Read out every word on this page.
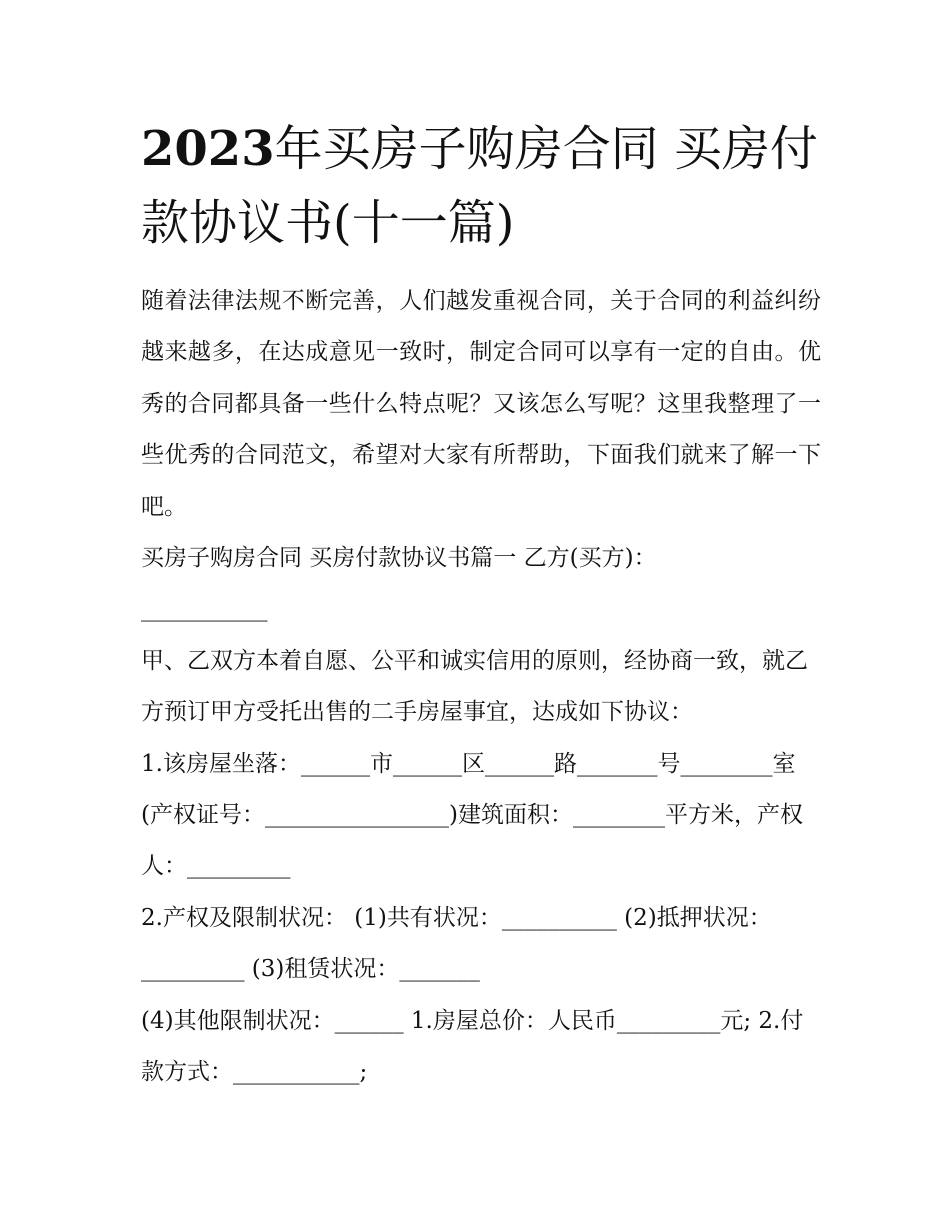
2023年买房子购房合同 买房付款协议书(十一篇)

随着法律法规不断完善，人们越发重视合同，关于合同的利益纠纷越来越多，在达成意见一致时，制定合同可以享有一定的自由。优秀的合同都具备一些什么特点呢？又该怎么写呢？这里我整理了一些优秀的合同范文，希望对大家有所帮助，下面我们就来了解一下吧。

买房子购房合同 买房付款协议书篇一 乙方(买方)：

___________

甲、乙双方本着自愿、公平和诚实信用的原则，经协商一致，就乙方预订甲方受托出售的二手房屋事宜，达成如下协议：

1.该房屋坐落：______市______区______路_______号________室(产权证号：________________)建筑面积：________平方米，产权人：_________

2.产权及限制状况： (1)共有状况：__________ (2)抵押状况：_________ (3)租赁状况：_______

(4)其他限制状况：______ 1.房屋总价：人民币_________元; 2.付款方式：___________;
